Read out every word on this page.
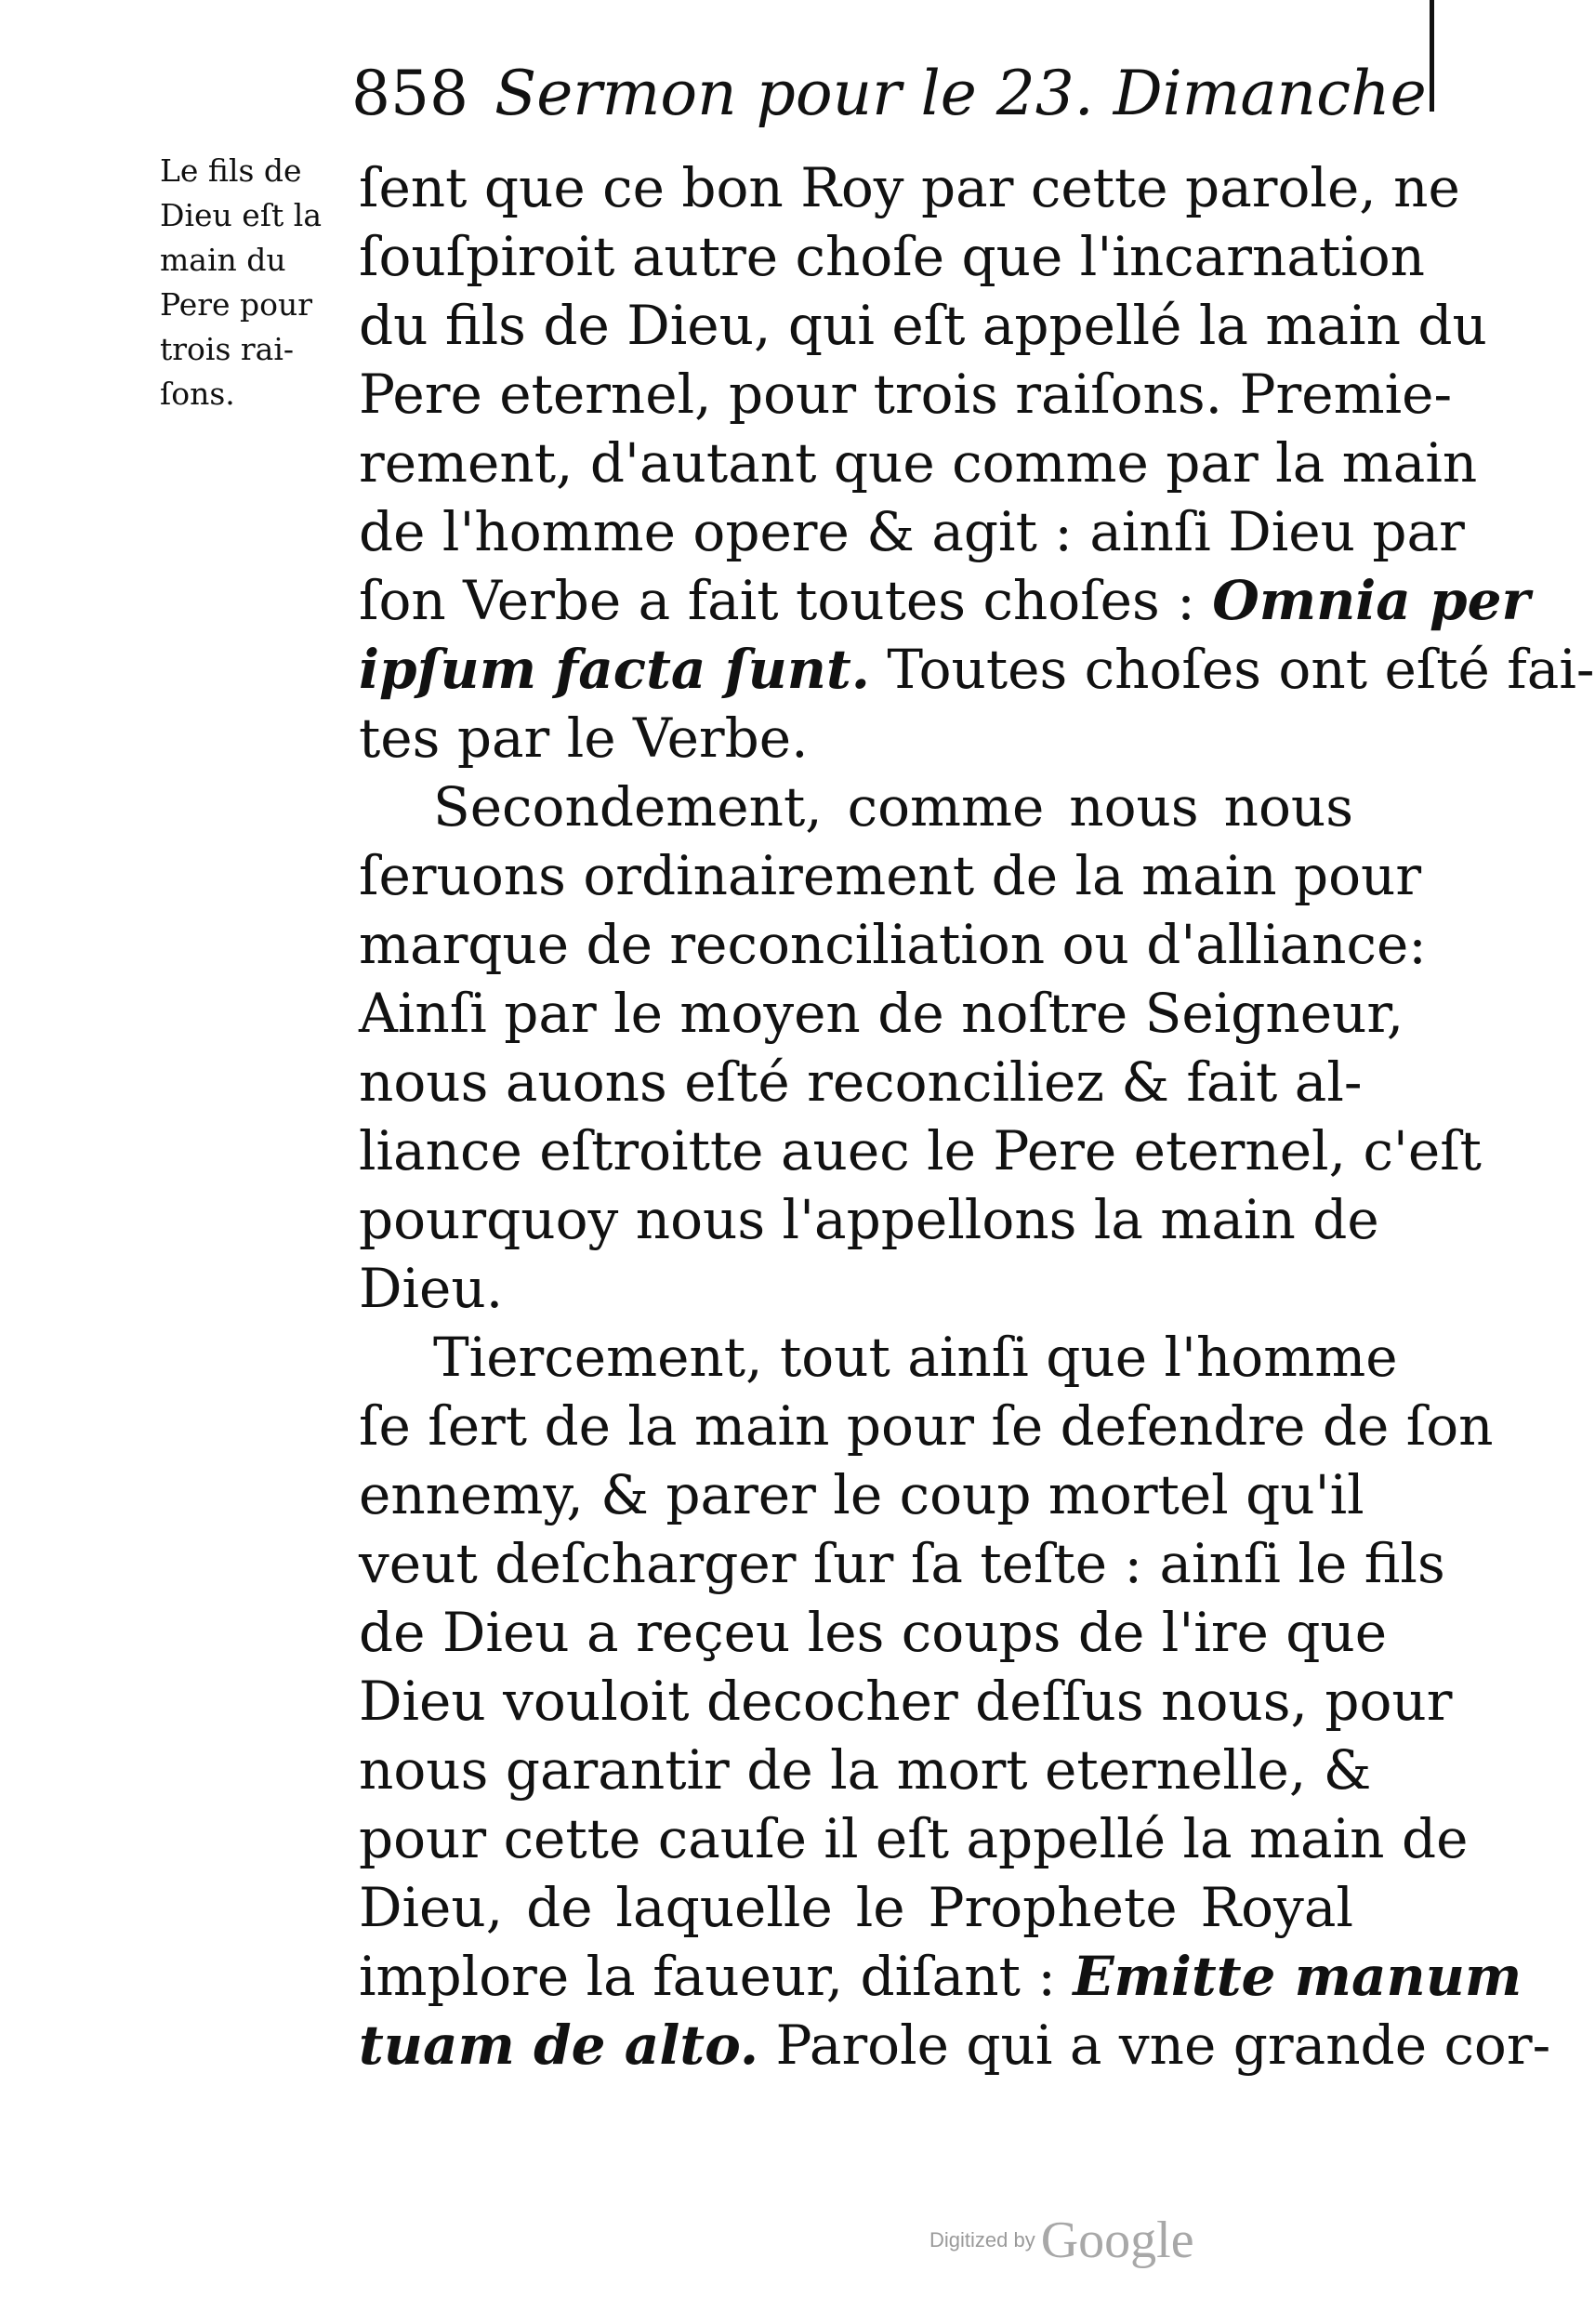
858 Sermon pour le 23. Dimanche
Le fils de
Dieu eſt la
main du
Pere pour
trois rai-
ſons.
ſent que ce bon Roy par cette parole, ne
ſouſpiroit autre choſe que l'incarnation
du fils de Dieu, qui eſt appellé la main du
Pere eternel, pour trois raiſons. Premie-
rement, d'autant que comme par la main
de l'homme opere & agit : ainſi Dieu par
ſon Verbe a fait toutes choſes : Omnia per
ipſum facta ſunt. Toutes choſes ont eſté fai-
tes par le Verbe.
Secondement, comme nous nous
ſeruons ordinairement de la main pour
marque de reconciliation ou d'alliance:
Ainſi par le moyen de noſtre Seigneur,
nous auons eſté reconciliez & fait al-
liance eſtroitte auec le Pere eternel, c'eſt
pourquoy nous l'appellons la main de
Dieu.
Tiercement, tout ainſi que l'homme
ſe ſert de la main pour ſe defendre de ſon
ennemy, & parer le coup mortel qu'il
veut deſcharger ſur ſa teſte : ainſi le fils
de Dieu a reçeu les coups de l'ire que
Dieu vouloit decocher deſſus nous, pour
nous garantir de la mort eternelle, &
pour cette cauſe il eſt appellé la main de
Dieu, de laquelle le Prophete Royal
implore la faueur, diſant : Emitte manum
tuam de alto. Parole qui a vne grande cor-
Digitized by Google
